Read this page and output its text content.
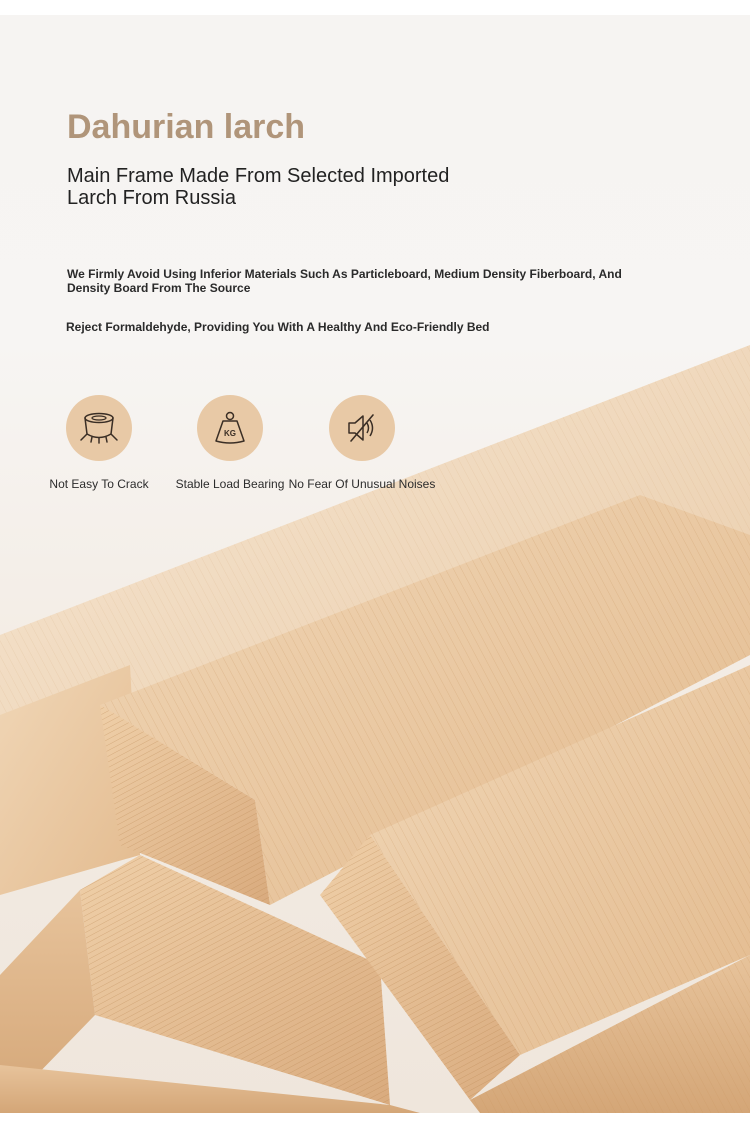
Dahurian larch
Main Frame Made From Selected Imported
Larch From Russia

We Firmly Avoid Using Inferior Materials Such As Particleboard, Medium Density Fiberboard, And Density Board From The Source

Reject Formaldehyde, Providing You With A Healthy And Eco-Friendly Bed

Not Easy To Crack
KG
Stable Load Bearing No Fear Of Unusual Noises
